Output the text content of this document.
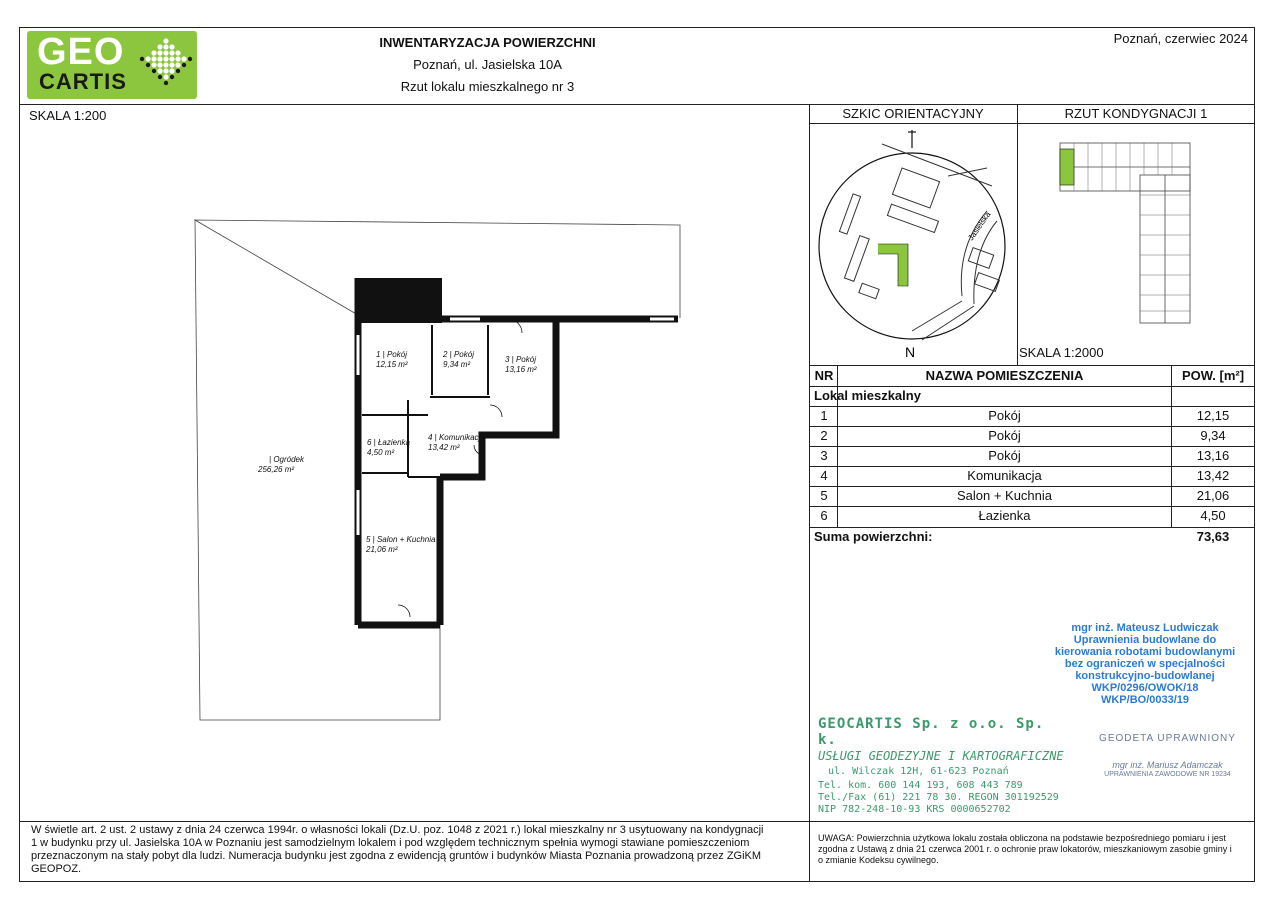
GEO
CARTIS
INWENTARYZACJA POWIERZCHNI
Poznań, ul. Jasielska 10A
Rzut lokalu mieszkalnego nr 3
Poznań, czerwiec 2024
SKALA 1:200
1 | Pokój
12,15 m²
2 | Pokój
9,34 m²
3 | Pokój
13,16 m²
4 | Komunikacja
13,42 m²
5 | Salon + Kuchnia
21,06 m²
6 | Łazienka
4,50 m²
| Ogródek
256,26 m²
SZKIC ORIENTACYJNY	RZUT KONDYGNACJI 1
Jasielska
N	SKALA 1:2000
NR	NAZWA POMIESZCZENIA	POW. [m²]
Lokal mieszkalny
1	Pokój	12,15
2	Pokój	9,34
3	Pokój	13,16
4	Komunikacja	13,42
5	Salon + Kuchnia	21,06
6	Łazienka	4,50
Suma powierzchni:	73,63
mgr inż. Mateusz Ludwiczak
Uprawnienia budowlane do
kierowania robotami budowlanymi
bez ograniczeń w specjalności
konstrukcyjno-budowlanej
WKP/0296/OWOK/18
WKP/BO/0033/19
GEOCARTIS Sp. z o.o. Sp. k.
USŁUGI GEODEZYJNE I KARTOGRAFICZNE
ul. Wilczak 12H, 61-623 Poznań
Tel. kom. 600 144 193, 608 443 789
Tel./Fax (61) 221 78 30. REGON 301192529
NIP 782-248-10-93 KRS 0000652702
GEODETA UPRAWNIONY
mgr inż. Mariusz Adamczak
UPRAWNIENIA ZAWODOWE NR 19234
W świetle art. 2 ust. 2 ustawy z dnia 24 czerwca 1994r. o własności lokali (Dz.U. poz. 1048 z 2021 r.) lokal mieszkalny nr 3 usytuowany na kondygnacji 1 w budynku przy ul. Jasielska 10A w Poznaniu jest samodzielnym lokalem i pod względem technicznym spełnia wymogi stawiane pomieszczeniom przeznaczonym na stały pobyt dla ludzi. Numeracja budynku jest zgodna z ewidencją gruntów i budynków Miasta Poznania prowadzoną przez ZGiKM GEOPOZ.
UWAGA: Powierzchnia użytkowa lokalu została obliczona na podstawie bezpośredniego pomiaru i jest zgodna z Ustawą z dnia 21 czerwca 2001 r. o ochronie praw lokatorów, mieszkaniowym zasobie gminy i o zmianie Kodeksu cywilnego.
